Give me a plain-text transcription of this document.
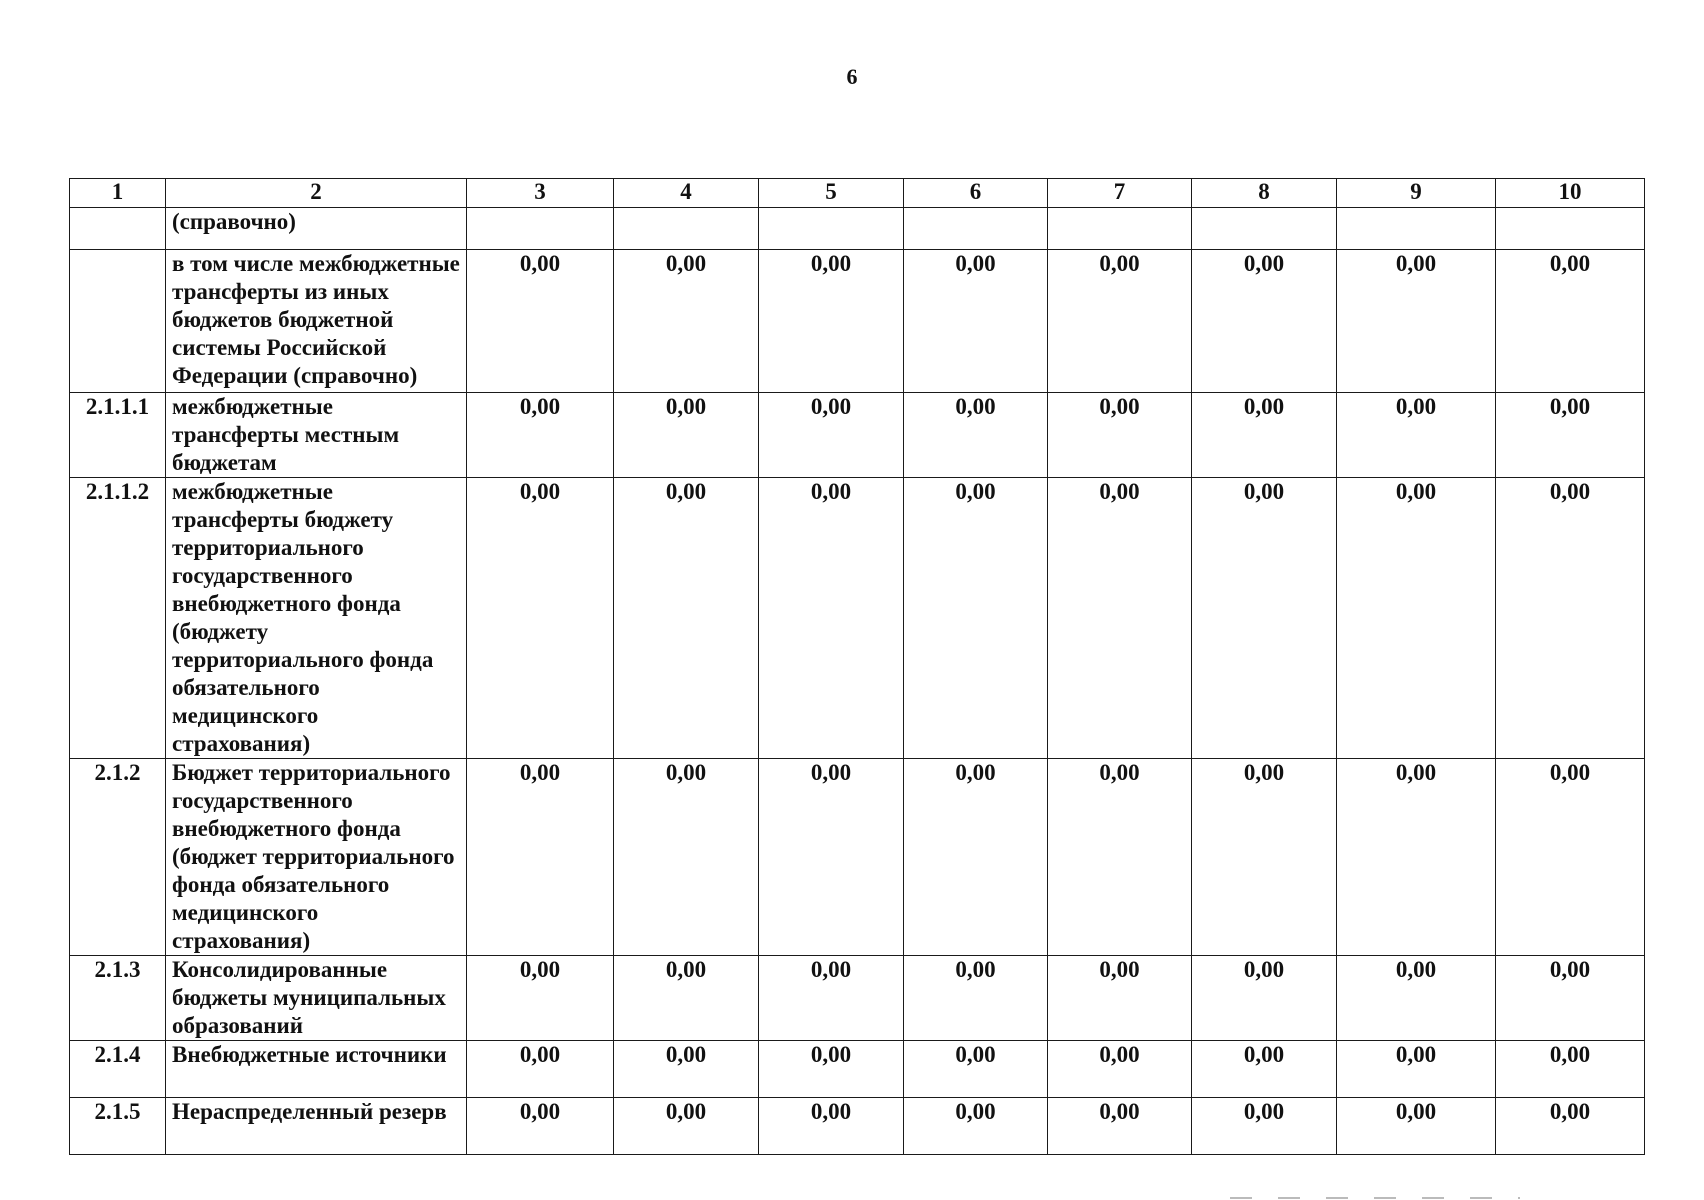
6
1	2	3	4	5	6	7	8	9	10
	(справочно)								
	в том числе межбюджетные трансферты из иных бюджетов бюджетной системы Российской Федерации (справочно)	0,00	0,00	0,00	0,00	0,00	0,00	0,00	0,00
2.1.1.1	межбюджетные трансферты местным бюджетам	0,00	0,00	0,00	0,00	0,00	0,00	0,00	0,00
2.1.1.2	межбюджетные трансферты бюджету территориального государственного внебюджетного фонда (бюджету территориального фонда обязательного медицинского страхования)	0,00	0,00	0,00	0,00	0,00	0,00	0,00	0,00
2.1.2	Бюджет территориального государственного внебюджетного фонда (бюджет территориального фонда обязательного медицинского страхования)	0,00	0,00	0,00	0,00	0,00	0,00	0,00	0,00
2.1.3	Консолидированные бюджеты муниципальных образований	0,00	0,00	0,00	0,00	0,00	0,00	0,00	0,00
2.1.4	Внебюджетные источники	0,00	0,00	0,00	0,00	0,00	0,00	0,00	0,00
2.1.5	Нераспределенный резерв	0,00	0,00	0,00	0,00	0,00	0,00	0,00	0,00
